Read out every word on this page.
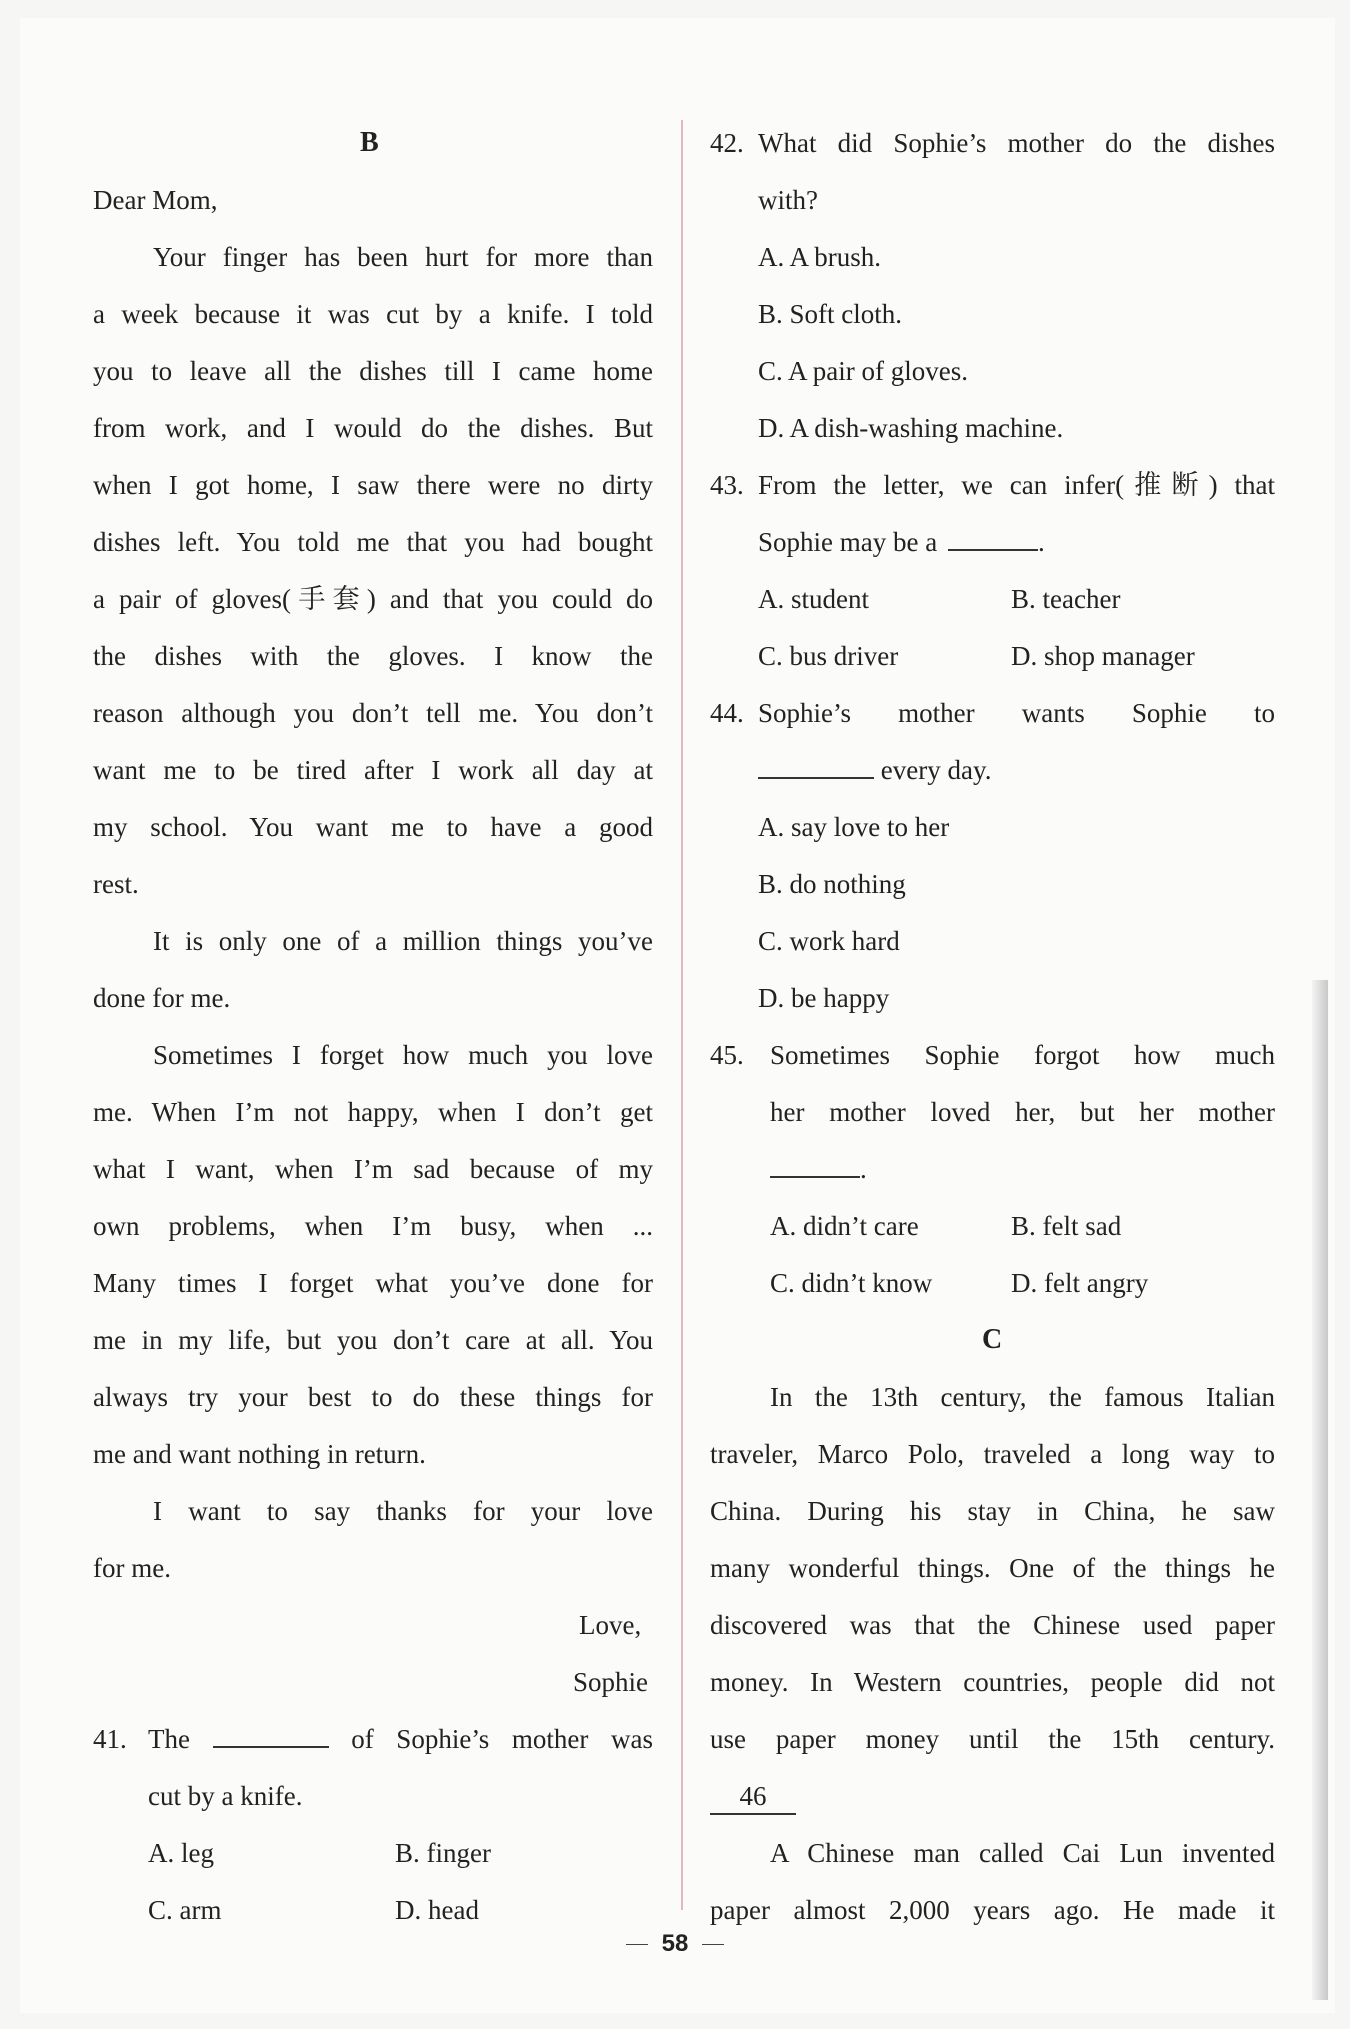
B
Dear Mom,
Your finger has been hurt for more than
a week because it was cut by a knife. I told
you to leave all the dishes till I came home
from work, and I would do the dishes. But
when I got home, I saw there were no dirty
dishes left. You told me that you had bought
a pair of gloves(手套) and that you could do
the dishes with the gloves. I know the
reason although you don’t tell me. You don’t
want me to be tired after I work all day at
my school. You want me to have a good
rest.
It is only one of a million things you’ve
done for me.
Sometimes I forget how much you love
me. When I’m not happy, when I don’t get
what I want, when I’m sad because of my
own problems, when I’m busy, when ...
Many times I forget what you’ve done for
me in my life, but you don’t care at all. You
always try your best to do these things for
me and want nothing in return.
I want to say thanks for your love
for me.
Love,
Sophie
41. The	of Sophie’s mother was
cut by a knife.
A. leg	B. finger
C. arm	D. head
42. What did Sophie’s mother do the dishes
with?
A. A brush.
B. Soft cloth.
C. A pair of gloves.
D. A dish-washing machine.
43. From the letter, we can infer(推断) that
Sophie may be a	.
A. student	B. teacher
C. bus driver	D. shop manager
44. Sophie’s mother wants Sophie to
every day.
A. say love to her
B. do nothing
C. work hard
D. be happy
45. Sometimes Sophie forgot how much
her mother loved her, but her mother
.
A. didn’t care	B. felt sad
C. didn’t know	D. felt angry
C
In the 13th century, the famous Italian
traveler, Marco Polo, traveled a long way to
China. During his stay in China, he saw
many wonderful things. One of the things he
discovered was that the Chinese used paper
money. In Western countries, people did not
use paper money until the 15th century.
46
A Chinese man called Cai Lun invented
paper almost 2,000 years ago. He made it
58
